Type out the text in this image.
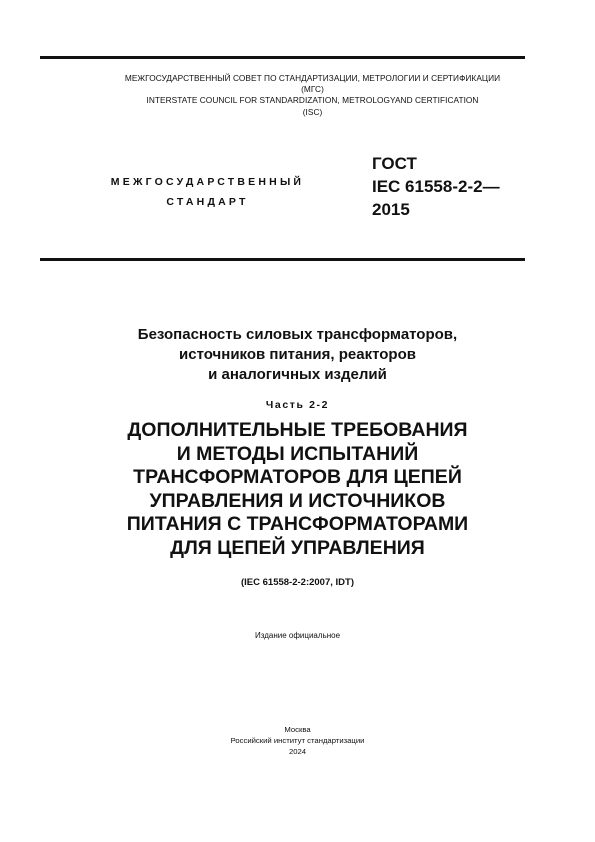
МЕЖГОСУДАРСТВЕННЫЙ СОВЕТ ПО СТАНДАРТИЗАЦИИ, МЕТРОЛОГИИ И СЕРТИФИКАЦИИ
(МГС)
INTERSTATE COUNCIL FOR STANDARDIZATION, METROLOGYAND CERTIFICATION
(ISC)
МЕЖГОСУДАРСТВЕННЫЙ
СТАНДАРТ
ГОСТ
IEC 61558-2-2—
2015
Безопасность силовых трансформаторов,
источников питания, реакторов
и аналогичных изделий
Часть 2-2
ДОПОЛНИТЕЛЬНЫЕ ТРЕБОВАНИЯ
И МЕТОДЫ ИСПЫТАНИЙ
ТРАНСФОРМАТОРОВ ДЛЯ ЦЕПЕЙ
УПРАВЛЕНИЯ И ИСТОЧНИКОВ
ПИТАНИЯ С ТРАНСФОРМАТОРАМИ
ДЛЯ ЦЕПЕЙ УПРАВЛЕНИЯ
(IEC 61558-2-2:2007, IDT)
Издание официальное
Москва
Российский институт стандартизации
2024
